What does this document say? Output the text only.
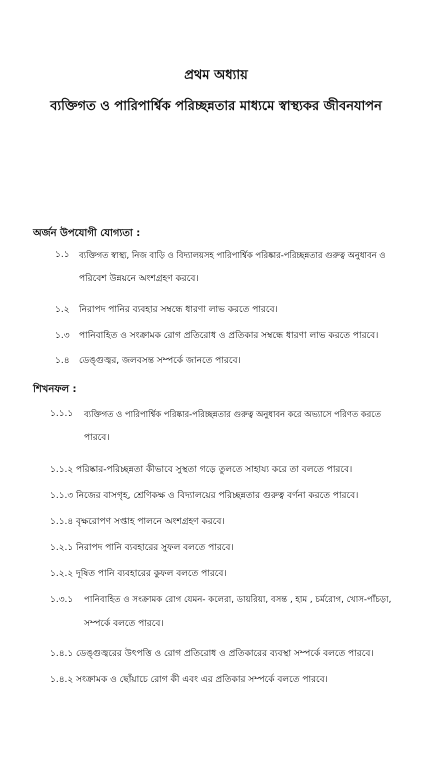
প্রথম অধ্যায়
ব্যক্তিগত ও পারিপার্শ্বিক পরিচ্ছন্নতার মাধ্যমে স্বাস্থ্যকর জীবনযাপন
অর্জন উপযোগী যোগ্যতা :
১.১ ব্যক্তিগত স্বাস্থ্য, নিজ বাড়ি ও বিদ্যালয়সহ পারিপার্শ্বিক পরিষ্কার-পরিচ্ছন্নতার গুরুত্ব অনুধাবন ও
পরিবেশ উন্নয়নে অংশগ্রহণ করবে।
১.২ নিরাপদ পানির ব্যবহার সম্বন্ধে ধারণা লাভ করতে পারবে।
১.৩ পানিবাহিত ও সংক্রামক রোগ প্রতিরোধ ও প্রতিকার সম্বন্ধে ধারণা লাভ করতে পারবে।
১.৪ ডেঙ্গুজ্বর, জলবসন্ত সম্পর্কে জানতে পারবে।
শিখনফল :
১.১.১ ব্যক্তিগত ও পারিপার্শ্বিক পরিষ্কার-পরিচ্ছন্নতার গুরুত্ব অনুধাবন করে অভ্যাসে পরিণত করতে
পারবে।
১.১.২ পরিষ্কার-পরিচ্ছন্নতা কীভাবে সুস্থতা গড়ে তুলতে সাহায্য করে তা বলতে পারবে।
১.১.৩ নিজের বাসগৃহ, শ্রেণিকক্ষ ও বিদ্যালয়ের পরিচ্ছন্নতার গুরুত্ব বর্ণনা করতে পারবে।
১.১.৪ বৃক্ষরোপণ সপ্তাহ পালনে অংশগ্রহণ করবে।
১.২.১ নিরাপদ পানি ব্যবহারের সুফল বলতে পারবে।
১.২.২ দূষিত পানি ব্যবহারের কুফল বলতে পারবে।
১.৩.১ পানিবাহিত ও সংক্রামক রোগ যেমন- কলেরা, ডায়রিয়া, বসন্ত , হাম , চর্মরোগ, খোস-পাঁচড়া,
সম্পর্কে বলতে পারবে।
১.৪.১ ডেঙ্গুজ্বরের উৎপত্তি ও রোগ প্রতিরোধ ও প্রতিকারের ব্যবস্থা সম্পর্কে বলতে পারবে।
১.৪.২ সংক্রামক ও ছোঁয়াচে রোগ কী এবং এর প্রতিকার সম্পর্কে বলতে পারবে।
